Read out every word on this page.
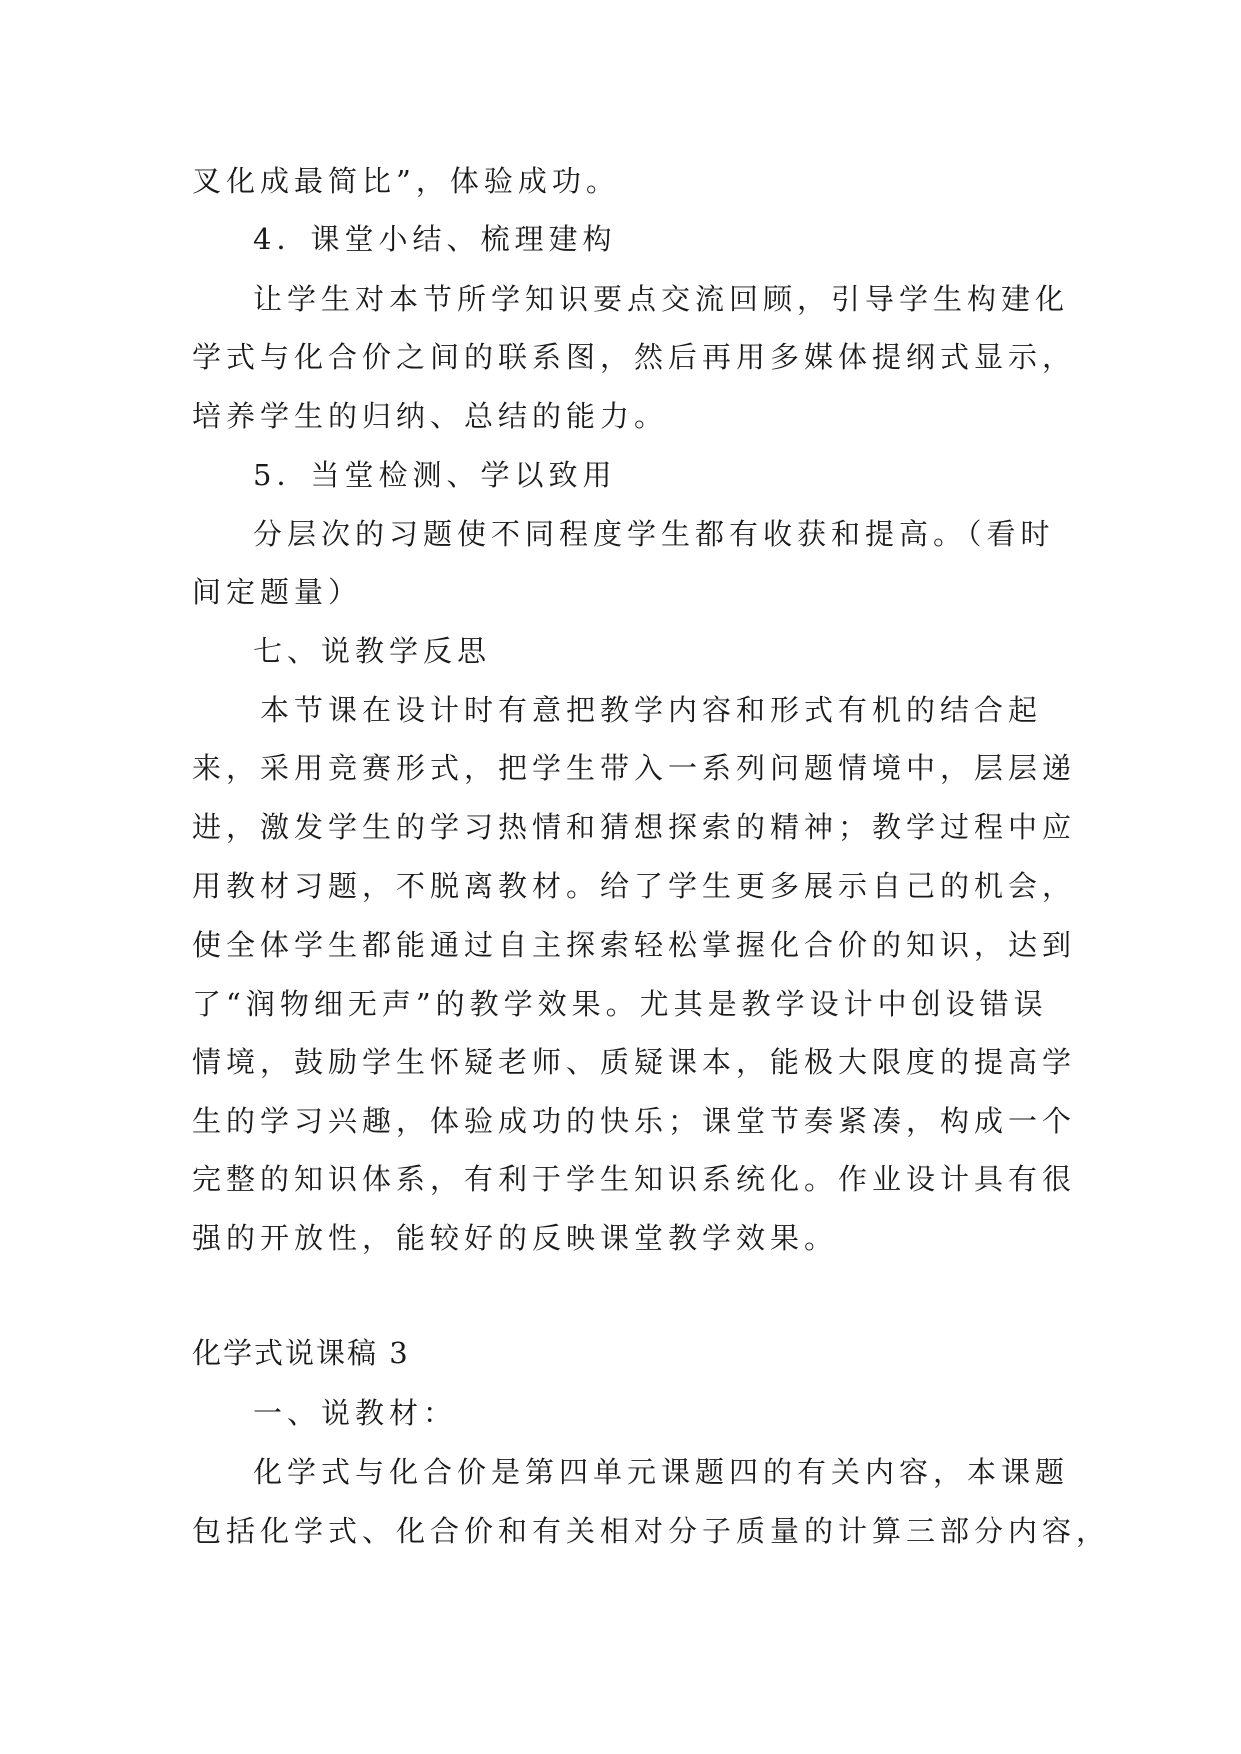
叉化成最简比”，体验成功。

4．课堂小结、梳理建构

让学生对本节所学知识要点交流回顾，引导学生构建化

学式与化合价之间的联系图，然后再用多媒体提纲式显示，

培养学生的归纳、总结的能力。

5．当堂检测、学以致用

分层次的习题使不同程度学生都有收获和提高。（看时

间定题量）

七、说教学反思

本节课在设计时有意把教学内容和形式有机的结合起

来，采用竞赛形式，把学生带入一系列问题情境中，层层递

进，激发学生的学习热情和猜想探索的精神；教学过程中应

用教材习题，不脱离教材。给了学生更多展示自己的机会，

使全体学生都能通过自主探索轻松掌握化合价的知识，达到

了“润物细无声”的教学效果。尤其是教学设计中创设错误

情境，鼓励学生怀疑老师、质疑课本，能极大限度的提高学

生的学习兴趣，体验成功的快乐；课堂节奏紧凑，构成一个

完整的知识体系，有利于学生知识系统化。作业设计具有很

强的开放性，能较好的反映课堂教学效果。

化学式说课稿 3

一、说教材：

化学式与化合价是第四单元课题四的有关内容，本课题

包括化学式、化合价和有关相对分子质量的计算三部分内容，
